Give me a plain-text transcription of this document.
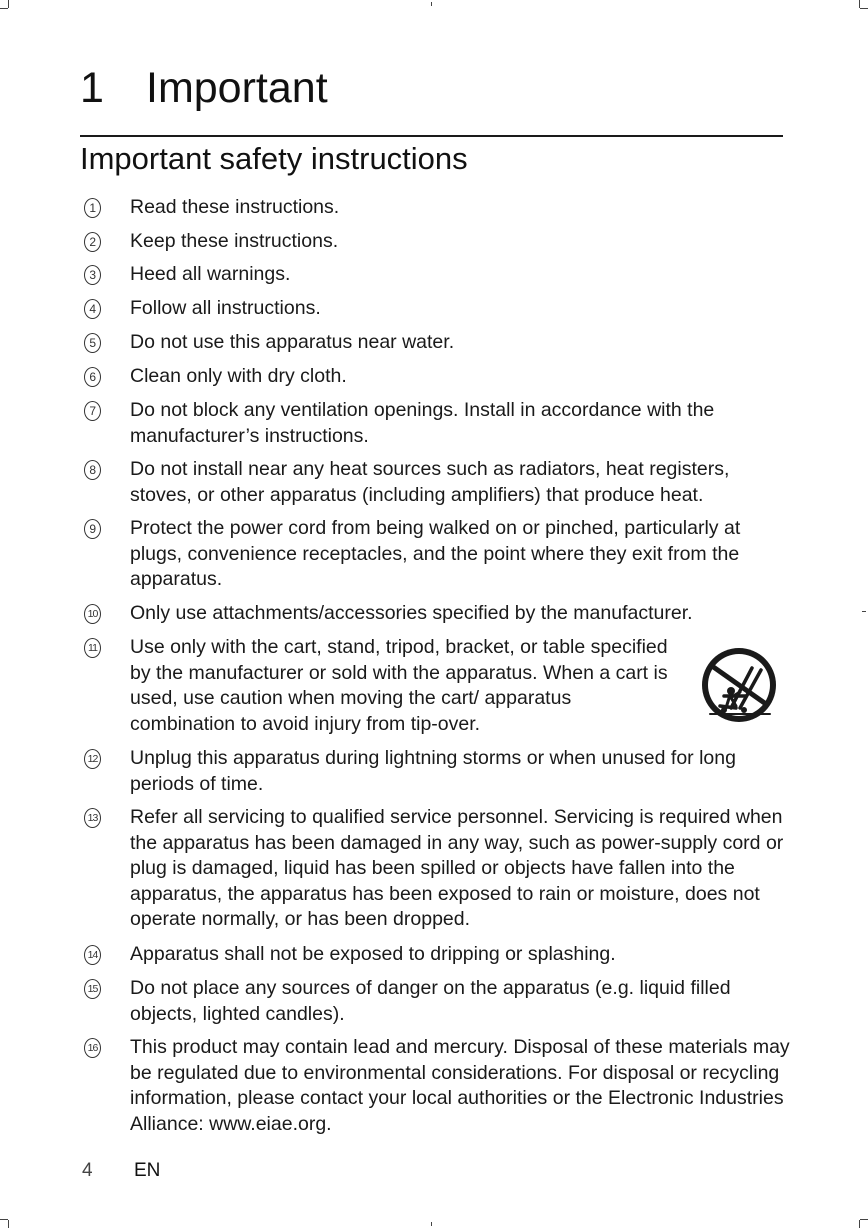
1 Important
Important safety instructions
1 Read these instructions.
2 Keep these instructions.
3 Heed all warnings.
4 Follow all instructions.
5 Do not use this apparatus near water.
6 Clean only with dry cloth.
7 Do not block any ventilation openings. Install in accordance with the manufacturer’s instructions.
8 Do not install near any heat sources such as radiators, heat registers, stoves, or other apparatus (including amplifiers) that produce heat.
9 Protect the power cord from being walked on or pinched, particularly at plugs, convenience receptacles, and the point where they exit from the apparatus.
10 Only use attachments/accessories specified by the manufacturer.
11 Use only with the cart, stand, tripod, bracket, or table specified by the manufacturer or sold with the apparatus. When a cart is used, use caution when moving the cart/ apparatus combination to avoid injury from tip-over.
12 Unplug this apparatus during lightning storms or when unused for long periods of time.
13 Refer all servicing to qualified service personnel. Servicing is required when the apparatus has been damaged in any way, such as power-supply cord or plug is damaged, liquid has been spilled or objects have fallen into the apparatus, the apparatus has been exposed to rain or moisture, does not operate normally, or has been dropped.
14 Apparatus shall not be exposed to dripping or splashing.
15 Do not place any sources of danger on the apparatus (e.g. liquid filled objects, lighted candles).
16 This product may contain lead and mercury. Disposal of these materials may be regulated due to environmental considerations. For disposal or recycling information, please contact your local authorities or the Electronic Industries Alliance: www.eiae.org.
4 EN
